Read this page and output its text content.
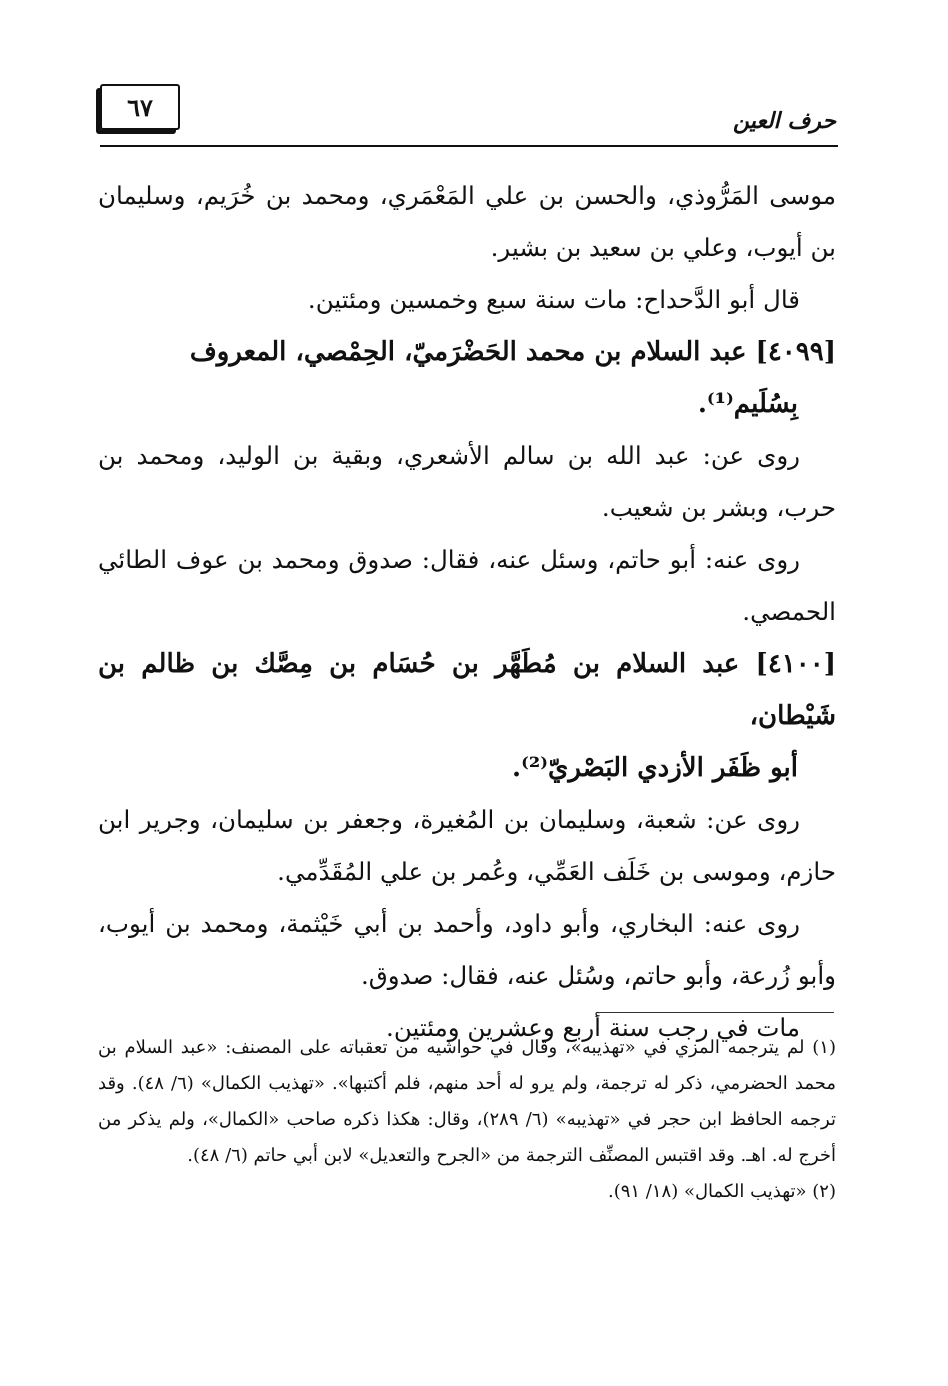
٦٧	حرف العين

موسى المَرُّوذي، والحسن بن علي المَعْمَري، ومحمد بن خُرَيم، وسليمان بن أيوب، وعلي بن سعيد بن بشير.

قال أبو الدَّحداح: مات سنة سبع وخمسين ومئتين.

[٤٠٩٩] عبد السلام بن محمد الحَضْرَميّ، الحِمْصي، المعروف

بِسُلَيم⁽¹⁾.

روى عن: عبد الله بن سالم الأشعري، وبقية بن الوليد، ومحمد بن حرب، وبشر بن شعيب.

روى عنه: أبو حاتم، وسئل عنه، فقال: صدوق ومحمد بن عوف الطائي الحمصي.

[٤١٠٠] عبد السلام بن مُطَهَّر بن حُسَام بن مِصَّك بن ظالم بن شَيْطان،

أبو ظَفَر الأزدي البَصْريّ⁽²⁾.

روى عن: شعبة، وسليمان بن المُغيرة، وجعفر بن سليمان، وجرير ابن حازم، وموسى بن خَلَف العَمِّي، وعُمر بن علي المُقَدِّمي.

روى عنه: البخاري، وأبو داود، وأحمد بن أبي خَيْثمة، ومحمد بن أيوب، وأبو زُرعة، وأبو حاتم، وسُئل عنه، فقال: صدوق.

مات في رجب سنة أربع وعشرين ومئتين.

(١) لم يترجمه المزي في «تهذيبه»، وقال في حواشيه من تعقباته على المصنف: «عبد السلام بن محمد الحضرمي، ذكر له ترجمة، ولم يرو له أحد منهم، فلم أكتبها». «تهذيب الكمال» (٦/ ٤٨). وقد ترجمه الحافظ ابن حجر في «تهذيبه» (٦/ ٢٨٩)، وقال: هكذا ذكره صاحب «الكمال»، ولم يذكر من أخرج له. اهـ. وقد اقتبس المصنِّف الترجمة من «الجرح والتعديل» لابن أبي حاتم (٦/ ٤٨).

(٢) «تهذيب الكمال» (١٨/ ٩١).
